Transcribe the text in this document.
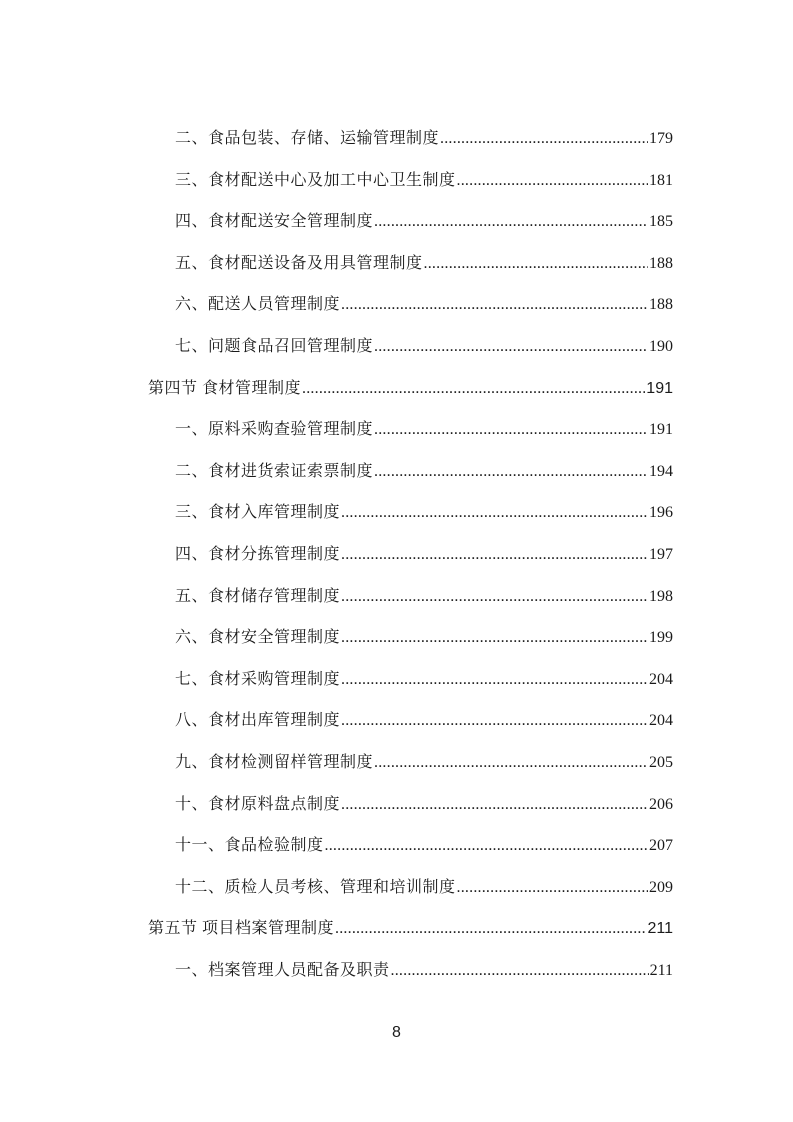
二、食品包装、存储、运输管理制度 .....	179
三、食材配送中心及加工中心卫生制度 .....	181
四、食材配送安全管理制度 .....	185
五、食材配送设备及用具管理制度 .....	188
六、配送人员管理制度 .....	188
七、问题食品召回管理制度 .....	190
第四节 食材管理制度 .....	191
一、原料采购查验管理制度 .....	191
二、食材进货索证索票制度 .....	194
三、食材入库管理制度 .....	196
四、食材分拣管理制度 .....	197
五、食材储存管理制度 .....	198
六、食材安全管理制度 .....	199
七、食材采购管理制度 .....	204
八、食材出库管理制度 .....	204
九、食材检测留样管理制度 .....	205
十、食材原料盘点制度 .....	206
十一、食品检验制度 .....	207
十二、质检人员考核、管理和培训制度 .....	209
第五节 项目档案管理制度 .....	211
一、档案管理人员配备及职责 .....	211
8
